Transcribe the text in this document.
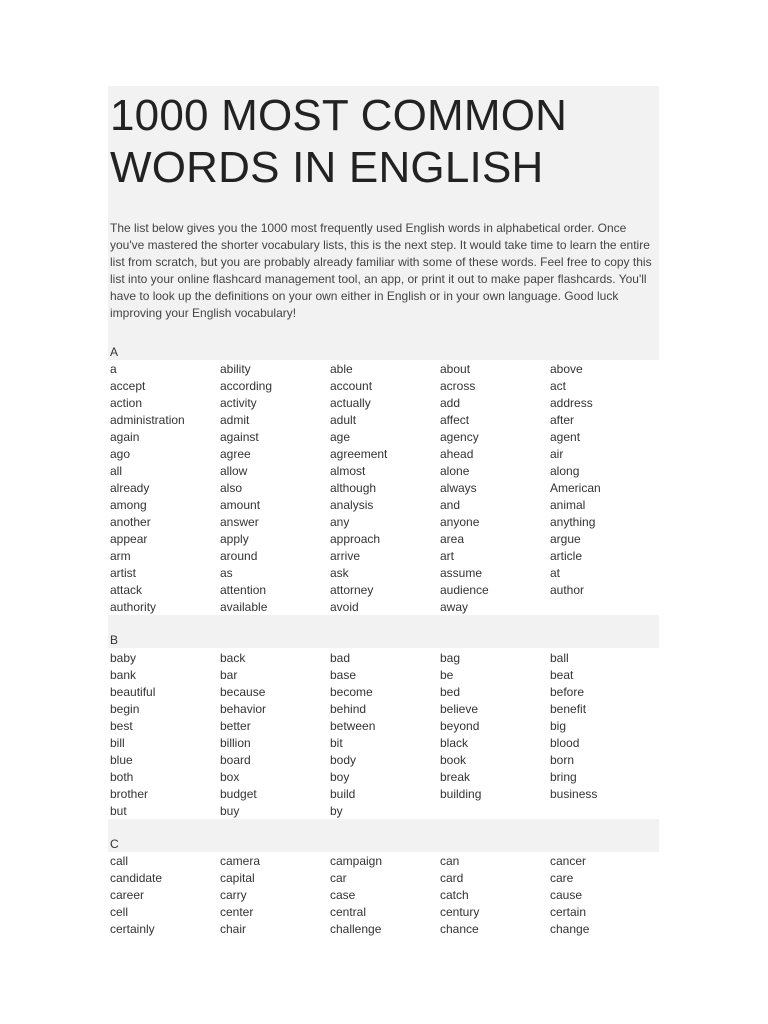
1000 MOST COMMON WORDS IN ENGLISH

The list below gives you the 1000 most frequently used English words in alphabetical order. Once you've mastered the shorter vocabulary lists, this is the next step. It would take time to learn the entire list from scratch, but you are probably already familiar with some of these words. Feel free to copy this list into your online flashcard management tool, an app, or print it out to make paper flashcards. You'll have to look up the definitions on your own either in English or in your own language. Good luck improving your English vocabulary!

A
a	ability	able	about	above
accept	according	account	across	act
action	activity	actually	add	address
administration	admit	adult	affect	after
again	against	age	agency	agent
ago	agree	agreement	ahead	air
all	allow	almost	alone	along
already	also	although	always	American
among	amount	analysis	and	animal
another	answer	any	anyone	anything
appear	apply	approach	area	argue
arm	around	arrive	art	article
artist	as	ask	assume	at
attack	attention	attorney	audience	author
authority	available	avoid	away
B
baby	back	bad	bag	ball
bank	bar	base	be	beat
beautiful	because	become	bed	before
begin	behavior	behind	believe	benefit
best	better	between	beyond	big
bill	billion	bit	black	blood
blue	board	body	book	born
both	box	boy	break	bring
brother	budget	build	building	business
but	buy	by
C
call	camera	campaign	can	cancer
candidate	capital	car	card	care
career	carry	case	catch	cause
cell	center	central	century	certain
certainly	chair	challenge	chance	change
